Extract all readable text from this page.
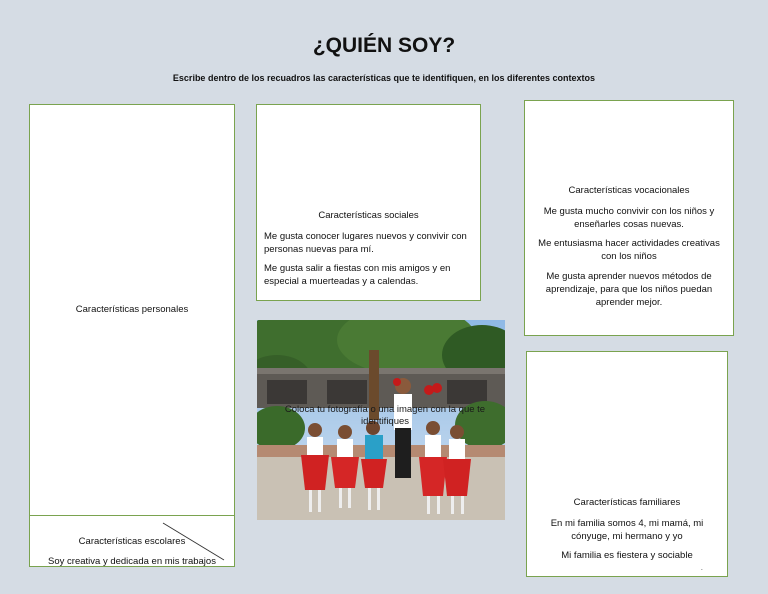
¿QUIÉN SOY?
Escribe dentro de los recuadros las características que te identifiquen, en los diferentes contextos

Características personales

Características escolares

Soy creativa y dedicada en mis trabajos

Características sociales

Me gusta conocer lugares nuevos y convivir con personas nuevas para mí.

Me gusta salir a fiestas con mis amigos y en especial a muerteadas y a calendas.

Características vocacionales

Me gusta mucho convivir con los niños y enseñarles cosas nuevas.

Me entusiasma hacer actividades creativas con los niños

Me gusta aprender nuevos métodos de aprendizaje, para que los niños puedan aprender mejor.

Características familiares

En mi familia somos 4, mi mamá, mi cónyuge, mi hermano y yo

Mi familia es fiestera y sociable

.
Coloca tu fotografía o una imagen con la que te identifiques
